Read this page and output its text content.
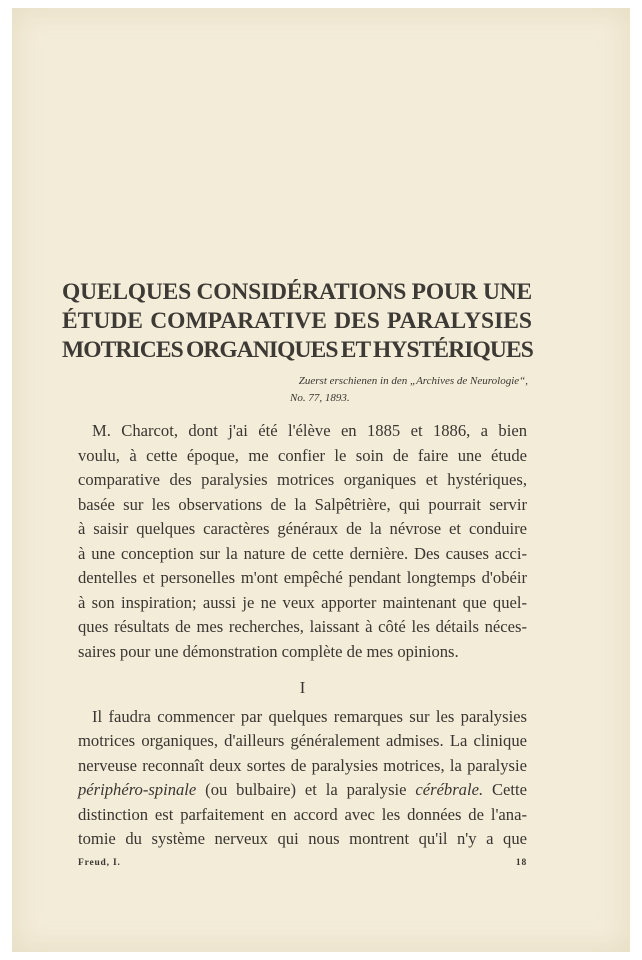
QUELQUES CONSIDÉRATIONS POUR UNE
ÉTUDE COMPARATIVE DES PARALYSIES
MOTRICES ORGANIQUES ET HYSTÉRIQUES
Zuerst erschienen in den „Archives de Neurologie“,
No. 77, 1893.
M. Charcot, dont j'ai été l'élève en 1885 et 1886, a bien
voulu, à cette époque, me confier le soin de faire une étude
comparative des paralysies motrices organiques et hystériques,
basée sur les observations de la Salpêtrière, qui pourrait servir
à saisir quelques caractères généraux de la névrose et conduire
à une conception sur la nature de cette dernière. Des causes acci-
dentelles et personelles m'ont empêché pendant longtemps d'obéir
à son inspiration; aussi je ne veux apporter maintenant que quel-
ques résultats de mes recherches, laissant à côté les détails néces-
saires pour une démonstration complète de mes opinions.
I
Il faudra commencer par quelques remarques sur les paralysies
motrices organiques, d'ailleurs généralement admises. La clinique
nerveuse reconnaît deux sortes de paralysies motrices, la paralysie
périphéro-spinale (ou bulbaire) et la paralysie cérébrale. Cette
distinction est parfaitement en accord avec les données de l'ana-
tomie du système nerveux qui nous montrent qu'il n'y a que
Freud, I.	18
